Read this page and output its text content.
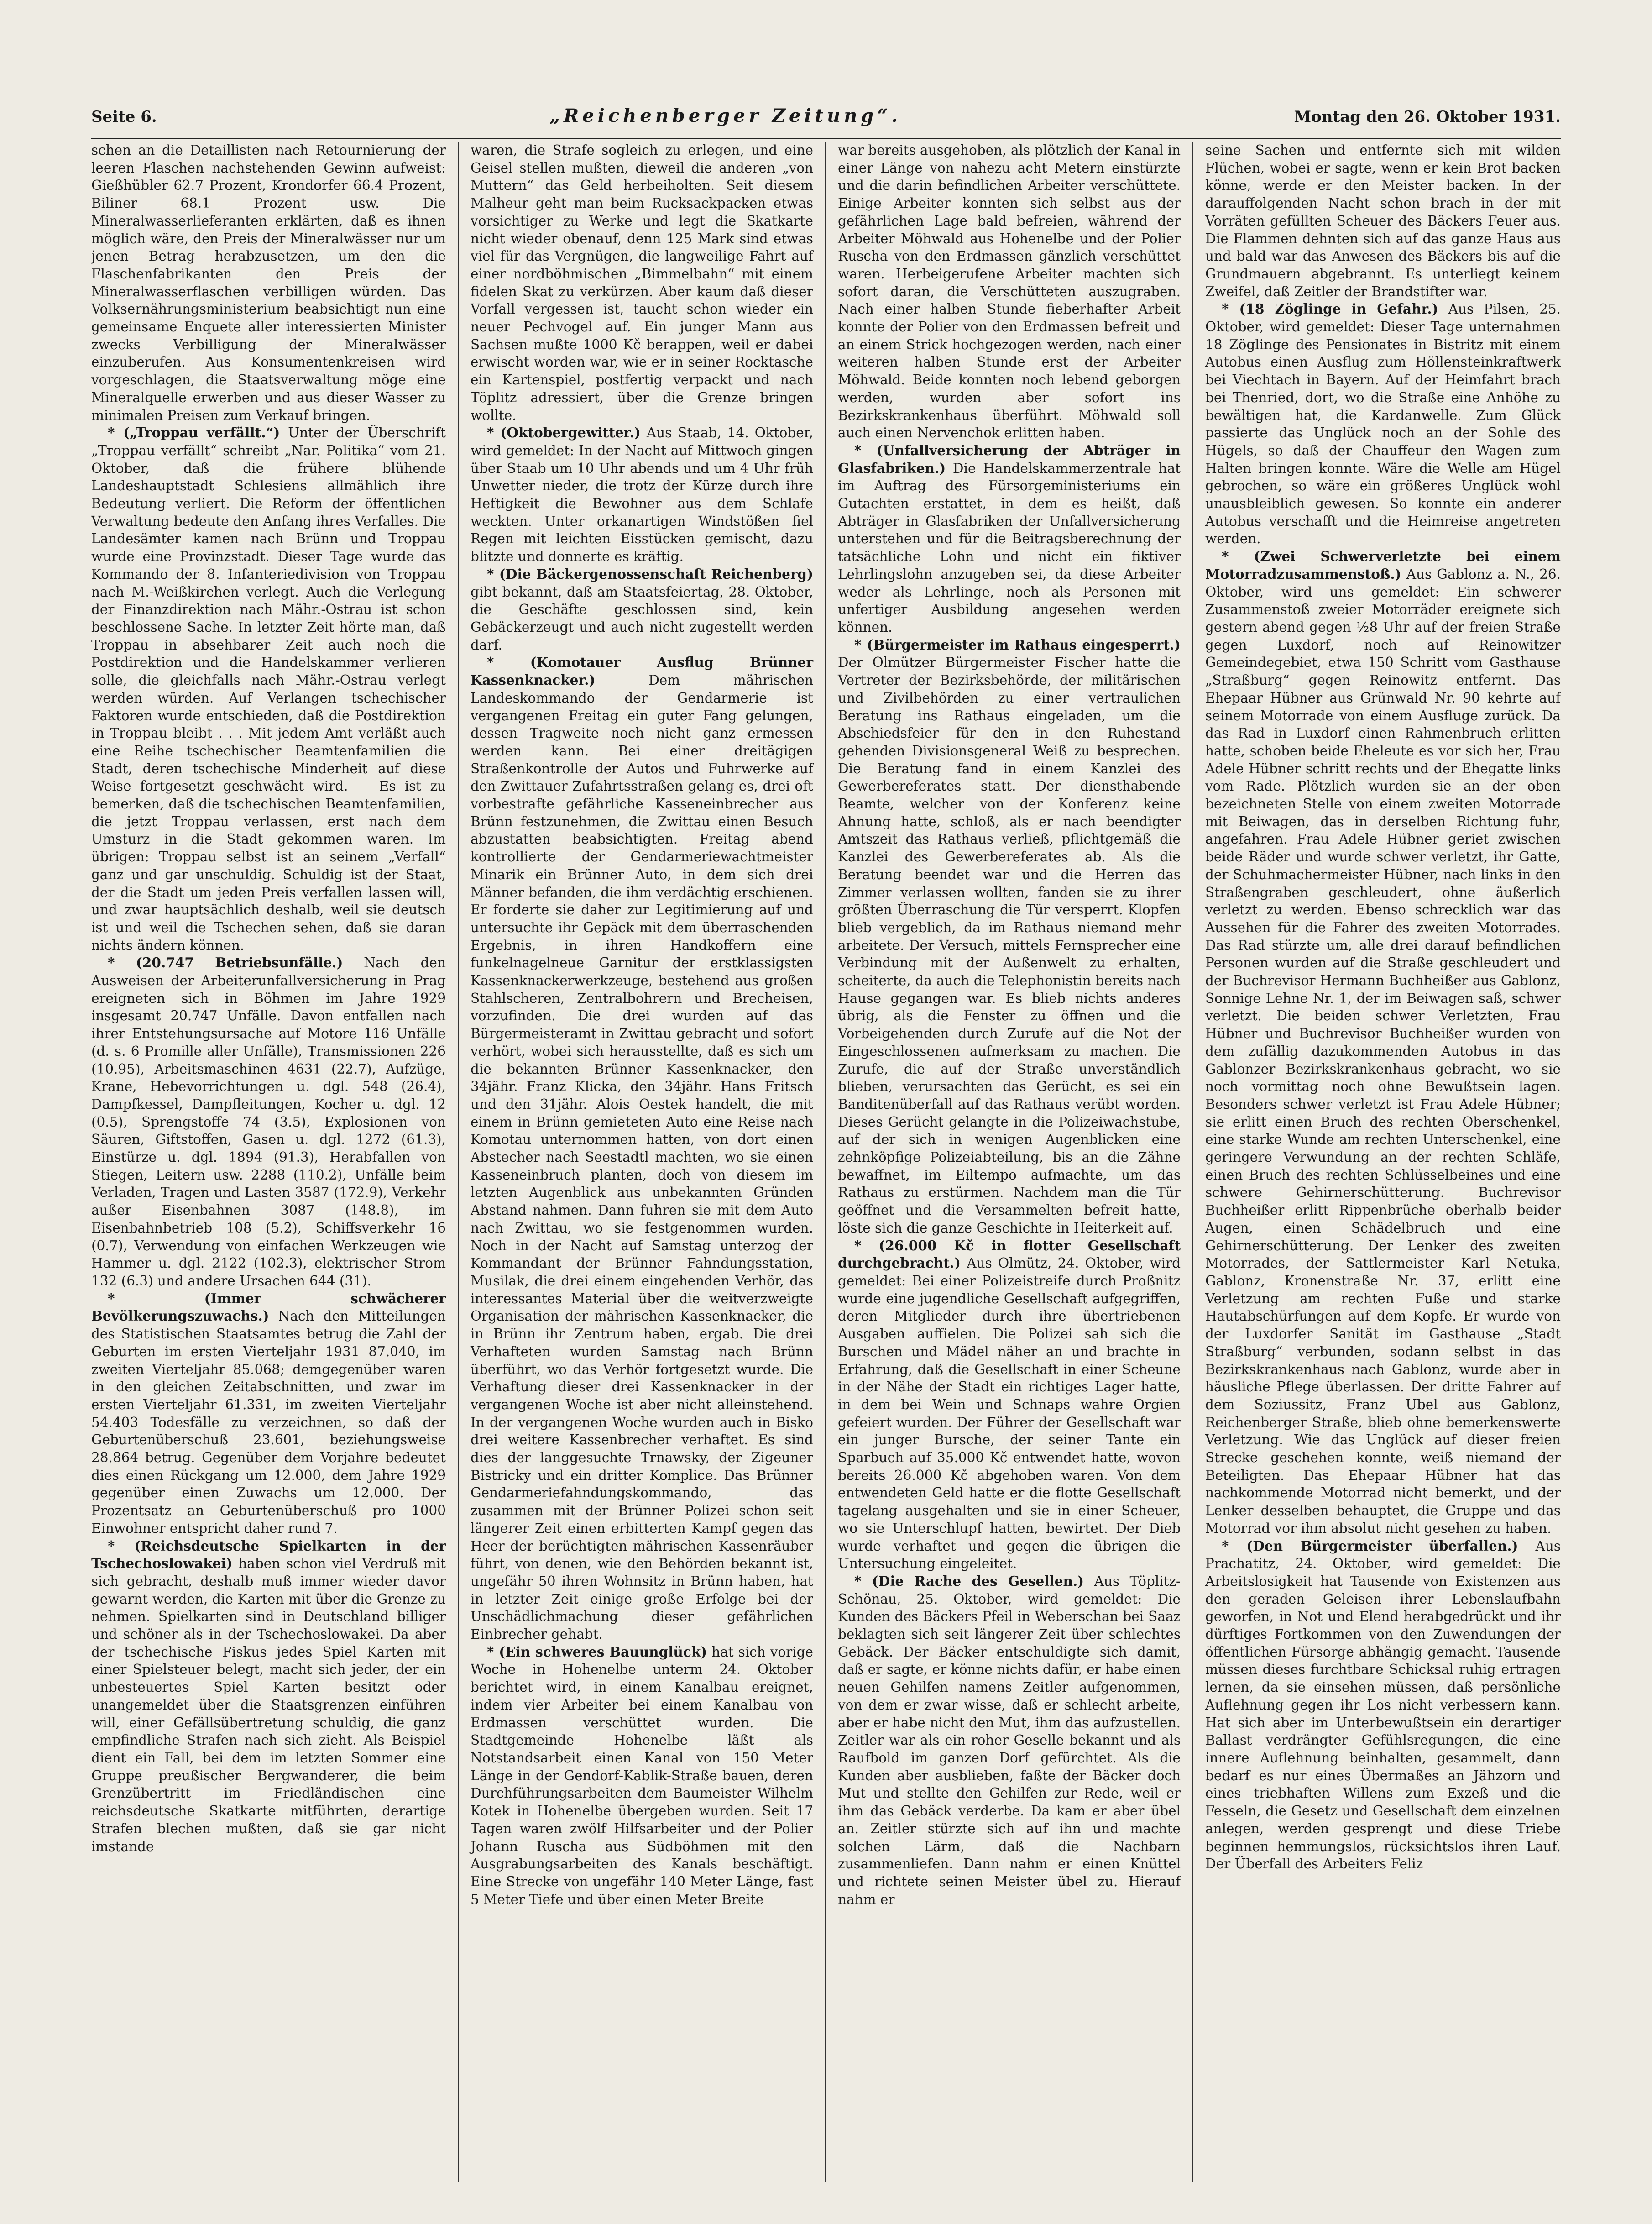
Seite 6.	„Reichenberger Zeitung“.	Montag den 26. Oktober 1931.

schen an die Detaillisten nach Retournierung der leeren Flaschen nachstehenden Gewinn aufweist: Gießhübler 62.7 Prozent, Krondorfer 66.4 Prozent, Biliner 68.1 Prozent usw. Die Mineralwasserlieferanten erklärten, daß es ihnen möglich wäre, den Preis der Mineralwässer nur um jenen Betrag herabzusetzen, um den die Flaschenfabrikanten den Preis der Mineralwasserflaschen verbilligen würden. Das Volksernährungsministerium beabsichtigt nun eine gemeinsame Enquete aller interessierten Minister zwecks Verbilligung der Mineralwässer einzuberufen. Aus Konsumentenkreisen wird vorgeschlagen, die Staatsverwaltung möge eine Mineralquelle erwerben und aus dieser Wasser zu minimalen Preisen zum Verkauf bringen.

* („Troppau verfällt.“) Unter der Überschrift „Troppau verfällt“ schreibt „Nar. Politika“ vom 21. Oktober, daß die frühere blühende Landeshauptstadt Schlesiens allmählich ihre Bedeutung verliert. Die Reform der öffentlichen Verwaltung bedeute den Anfang ihres Verfalles. Die Landesämter kamen nach Brünn und Troppau wurde eine Provinzstadt. Dieser Tage wurde das Kommando der 8. Infanteriedivision von Troppau nach M.-Weißkirchen verlegt. Auch die Verlegung der Finanzdirektion nach Mähr.-Ostrau ist schon beschlossene Sache. In letzter Zeit hörte man, daß Troppau in absehbarer Zeit auch noch die Postdirektion und die Handelskammer verlieren solle, die gleichfalls nach Mähr.-Ostrau verlegt werden würden. Auf Verlangen tschechischer Faktoren wurde entschieden, daß die Postdirektion in Troppau bleibt . . . Mit jedem Amt verläßt auch eine Reihe tschechischer Beamtenfamilien die Stadt, deren tschechische Minderheit auf diese Weise fortgesetzt geschwächt wird. — Es ist zu bemerken, daß die tschechischen Beamtenfamilien, die jetzt Troppau verlassen, erst nach dem Umsturz in die Stadt gekommen waren. Im übrigen: Troppau selbst ist an seinem „Verfall“ ganz und gar unschuldig. Schuldig ist der Staat, der die Stadt um jeden Preis verfallen lassen will, und zwar hauptsächlich deshalb, weil sie deutsch ist und weil die Tschechen sehen, daß sie daran nichts ändern können.

* (20.747 Betriebsunfälle.) Nach den Ausweisen der Arbeiterunfallversicherung in Prag ereigneten sich in Böhmen im Jahre 1929 insgesamt 20.747 Unfälle. Davon entfallen nach ihrer Entstehungsursache auf Motore 116 Unfälle (d. s. 6 Promille aller Unfälle), Transmissionen 226 (10.95), Arbeitsmaschinen 4631 (22.7), Aufzüge, Krane, Hebevorrichtungen u. dgl. 548 (26.4), Dampfkessel, Dampfleitungen, Kocher u. dgl. 12 (0.5), Sprengstoffe 74 (3.5), Explosionen von Säuren, Giftstoffen, Gasen u. dgl. 1272 (61.3), Einstürze u. dgl. 1894 (91.3), Herabfallen von Stiegen, Leitern usw. 2288 (110.2), Unfälle beim Verladen, Tragen und Lasten 3587 (172.9), Verkehr außer Eisenbahnen 3087 (148.8), im Eisenbahnbetrieb 108 (5.2), Schiffsverkehr 16 (0.7), Verwendung von einfachen Werkzeugen wie Hammer u. dgl. 2122 (102.3), elektrischer Strom 132 (6.3) und andere Ursachen 644 (31).

* (Immer schwächerer Bevölkerungszuwachs.) Nach den Mitteilungen des Statistischen Staatsamtes betrug die Zahl der Geburten im ersten Vierteljahr 1931 87.040, im zweiten Vierteljahr 85.068; demgegenüber waren in den gleichen Zeitabschnitten, und zwar im ersten Vierteljahr 61.331, im zweiten Vierteljahr 54.403 Todesfälle zu verzeichnen, so daß der Geburtenüberschuß 23.601, beziehungsweise 28.864 betrug. Gegenüber dem Vorjahre bedeutet dies einen Rückgang um 12.000, dem Jahre 1929 gegenüber einen Zuwachs um 12.000. Der Prozentsatz an Geburtenüberschuß pro 1000 Einwohner entspricht daher rund 7.

* (Reichsdeutsche Spielkarten in der Tschechoslowakei) haben schon viel Verdruß mit sich gebracht, deshalb muß immer wieder davor gewarnt werden, die Karten mit über die Grenze zu nehmen. Spielkarten sind in Deutschland billiger und schöner als in der Tschechoslowakei. Da aber der tschechische Fiskus jedes Spiel Karten mit einer Spielsteuer belegt, macht sich jeder, der ein unbesteuertes Spiel Karten besitzt oder unangemeldet über die Staatsgrenzen einführen will, einer Gefällsübertretung schuldig, die ganz empfindliche Strafen nach sich zieht. Als Beispiel dient ein Fall, bei dem im letzten Sommer eine Gruppe preußischer Bergwanderer, die beim Grenzübertritt im Friedländischen eine reichsdeutsche Skatkarte mitführten, derartige Strafen blechen mußten, daß sie gar nicht imstande

waren, die Strafe sogleich zu erlegen, und eine Geisel stellen mußten, dieweil die anderen „von Muttern“ das Geld herbeiholten. Seit diesem Malheur geht man beim Rucksackpacken etwas vorsichtiger zu Werke und legt die Skatkarte nicht wieder obenauf, denn 125 Mark sind etwas viel für das Vergnügen, die langweilige Fahrt auf einer nordböhmischen „Bimmelbahn“ mit einem fidelen Skat zu verkürzen. Aber kaum daß dieser Vorfall vergessen ist, taucht schon wieder ein neuer Pechvogel auf. Ein junger Mann aus Sachsen mußte 1000 Kč berappen, weil er dabei erwischt worden war, wie er in seiner Rocktasche ein Kartenspiel, postfertig verpackt und nach Töplitz adressiert, über die Grenze bringen wollte.

* (Oktobergewitter.) Aus Staab, 14. Oktober, wird gemeldet: In der Nacht auf Mittwoch gingen über Staab um 10 Uhr abends und um 4 Uhr früh Unwetter nieder, die trotz der Kürze durch ihre Heftigkeit die Bewohner aus dem Schlafe weckten. Unter orkanartigen Windstößen fiel Regen mit leichten Eisstücken gemischt, dazu blitzte und donnerte es kräftig.

* (Die Bäckergenossenschaft Reichenberg) gibt bekannt, daß am Staatsfeiertag, 28. Oktober, die Geschäfte geschlossen sind, kein Gebäckerzeugt und auch nicht zugestellt werden darf.

* (Komotauer Ausflug Brünner Kassenknacker.)	Dem mährischen Landeskommando der Gendarmerie ist vergangenen Freitag ein guter Fang gelungen, dessen Tragweite noch nicht ganz ermessen werden kann. Bei einer dreitägigen Straßenkontrolle der Autos und Fuhrwerke auf den Zwittauer Zufahrtsstraßen gelang es, drei oft vorbestrafte gefährliche Kasseneinbrecher aus Brünn festzunehmen, die Zwittau einen Besuch abzustatten beabsichtigten. Freitag abend kontrollierte der Gendarmeriewachtmeister Minarik ein Brünner Auto, in dem sich drei Männer befanden, die ihm verdächtig erschienen. Er forderte sie daher zur Legitimierung auf und untersuchte ihr Gepäck mit dem überraschenden Ergebnis, in ihren Handkoffern eine funkelnagelneue Garnitur der erstklassigsten Kassenknackerwerkzeuge, bestehend aus großen Stahlscheren, Zentralbohrern und Brecheisen, vorzufinden. Die drei wurden auf das Bürgermeisteramt in Zwittau gebracht und sofort verhört, wobei sich herausstellte, daß es sich um die bekannten Brünner Kassenknacker, den 34jähr. Franz Klicka, den 34jähr. Hans Fritsch und den 31jähr. Alois Oestek handelt, die mit einem in Brünn gemieteten Auto eine Reise nach Komotau unternommen hatten, von dort einen Abstecher nach Seestadtl machten, wo sie einen Kasseneinbruch planten, doch von diesem im letzten Augenblick aus unbekannten Gründen Abstand nahmen. Dann fuhren sie mit dem Auto nach Zwittau, wo sie festgenommen wurden. Noch in der Nacht auf Samstag unterzog der Kommandant der Brünner Fahndungsstation, Musilak, die drei einem eingehenden Verhör, das interessantes Material über die weitverzweigte Organisation der mährischen Kassenknacker, die in Brünn ihr Zentrum haben, ergab. Die drei Verhafteten wurden Samstag nach Brünn überführt, wo das Verhör fortgesetzt wurde. Die Verhaftung dieser drei Kassenknacker in der vergangenen Woche ist aber nicht alleinstehend. In der vergangenen Woche wurden auch in Bisko drei weitere Kassenbrecher verhaftet. Es sind dies der langgesuchte Trnawsky, der Zigeuner Bistricky und ein dritter Komplice. Das Brünner Gendarmeriefahndungskommando, das zusammen mit der Brünner Polizei schon seit längerer Zeit einen erbitterten Kampf gegen das Heer der berüchtigten mährischen Kassenräuber führt, von denen, wie den Behörden bekannt ist, ungefähr 50 ihren Wohnsitz in Brünn haben, hat in letzter Zeit einige große Erfolge bei der Unschädlichmachung dieser gefährlichen Einbrecher gehabt.

* (Ein schweres Bauunglück) hat sich vorige Woche in Hohenelbe unterm 24. Oktober berichtet wird, in einem Kanalbau ereignet, indem vier Arbeiter bei einem Kanalbau von Erdmassen verschüttet wurden. Die Stadtgemeinde Hohenelbe läßt als Notstandsarbeit einen Kanal von 150 Meter Länge in der Gendorf-Kablik-Straße bauen, deren Durchführungsarbeiten dem Baumeister Wilhelm Kotek in Hohenelbe übergeben wurden. Seit 17 Tagen waren zwölf Hilfsarbeiter und der Polier Johann Ruscha aus Südböhmen mit den Ausgrabungsarbeiten des Kanals beschäftigt. Eine Strecke von ungefähr 140 Meter Länge, fast 5 Meter Tiefe und über einen Meter Breite

war bereits ausgehoben, als plötzlich der Kanal in einer Länge von nahezu acht Metern einstürzte und die darin befindlichen Arbeiter verschüttete. Einige Arbeiter konnten sich selbst aus der gefährlichen Lage bald befreien, während der Arbeiter Möhwald aus Hohenelbe und der Polier Ruscha von den Erdmassen gänzlich verschüttet waren. Herbeigerufene Arbeiter machten sich sofort daran, die Verschütteten auszugraben. Nach einer halben Stunde fieberhafter Arbeit konnte der Polier von den Erdmassen befreit und an einem Strick hochgezogen werden, nach einer weiteren halben Stunde erst der Arbeiter Möhwald. Beide konnten noch lebend geborgen werden, wurden aber sofort ins Bezirkskrankenhaus überführt. Möhwald soll auch einen Nervenchok erlitten haben.

* (Unfallversicherung der Abträger in Glasfabriken.) Die Handelskammerzentrale hat im Auftrag des Fürsorgeministeriums ein Gutachten erstattet, in dem es heißt, daß Abträger in Glasfabriken der Unfallversicherung unterstehen und für die Beitragsberechnung der tatsächliche Lohn und nicht ein fiktiver Lehrlingslohn anzugeben sei, da diese Arbeiter weder als Lehrlinge, noch als Personen mit unfertiger Ausbildung angesehen werden können.

* (Bürgermeister im Rathaus eingesperrt.) Der Olmützer Bürgermeister Fischer hatte die Vertreter der Bezirksbehörde, der militärischen und Zivilbehörden zu einer vertraulichen Beratung ins Rathaus eingeladen, um die Abschiedsfeier für den in den Ruhestand gehenden Divisionsgeneral Weiß zu besprechen. Die Beratung fand in einem Kanzlei des Gewerbereferates statt. Der diensthabende Beamte, welcher von der Konferenz keine Ahnung hatte, schloß, als er nach beendigter Amtszeit das Rathaus verließ, pflichtgemäß die Kanzlei des Gewerbereferates ab. Als die Beratung beendet war und die Herren das Zimmer verlassen wollten, fanden sie zu ihrer größten Überraschung die Tür versperrt. Klopfen blieb vergeblich, da im Rathaus niemand mehr arbeitete. Der Versuch, mittels Fernsprecher eine Verbindung mit der Außenwelt zu erhalten, scheiterte, da auch die Telephonistin bereits nach Hause gegangen war. Es blieb nichts anderes übrig, als die Fenster zu öffnen und die Vorbeigehenden durch Zurufe auf die Not der Eingeschlossenen aufmerksam zu machen. Die Zurufe, die auf der Straße unverständlich blieben, verursachten das Gerücht, es sei ein Banditenüberfall auf das Rathaus verübt worden. Dieses Gerücht gelangte in die Polizeiwachstube, auf der sich in wenigen Augenblicken eine zehnköpfige Polizeiabteilung, bis an die Zähne bewaffnet, im Eiltempo aufmachte, um das Rathaus zu erstürmen. Nachdem man die Tür geöffnet und die Versammelten befreit hatte, löste sich die ganze Geschichte in Heiterkeit auf.

* (26.000 Kč in flotter Gesellschaft durchgebracht.) Aus Olmütz, 24. Oktober, wird gemeldet: Bei einer Polizeistreife durch Proßnitz wurde eine jugendliche Gesellschaft aufgegriffen, deren Mitglieder durch ihre übertriebenen Ausgaben auffielen. Die Polizei sah sich die Burschen und Mädel näher an und brachte in Erfahrung, daß die Gesellschaft in einer Scheune in der Nähe der Stadt ein richtiges Lager hatte, in dem bei Wein und Schnaps wahre Orgien gefeiert wurden. Der Führer der Gesellschaft war ein junger Bursche, der seiner Tante ein Sparbuch auf 35.000 Kč entwendet hatte, wovon bereits 26.000 Kč abgehoben waren. Von dem entwendeten Geld hatte er die flotte Gesellschaft tagelang ausgehalten und sie in einer Scheuer, wo sie Unterschlupf hatten, bewirtet. Der Dieb wurde verhaftet und gegen die übrigen die Untersuchung eingeleitet.

* (Die Rache des Gesellen.) Aus Töplitz-Schönau, 25. Oktober, wird gemeldet: Die Kunden des Bäckers Pfeil in Weberschan bei Saaz beklagten sich seit längerer Zeit über schlechtes Gebäck. Der Bäcker entschuldigte sich damit, daß er sagte, er könne nichts dafür, er habe einen neuen Gehilfen namens Zeitler aufgenommen, von dem er zwar wisse, daß er schlecht arbeite, aber er habe nicht den Mut, ihm das aufzustellen. Zeitler war als ein roher Geselle bekannt und als Raufbold im ganzen Dorf gefürchtet. Als die Kunden aber ausblieben, faßte der Bäcker doch Mut und stellte den Gehilfen zur Rede, weil er ihm das Gebäck verderbe. Da kam er aber übel an. Zeitler stürzte sich auf ihn und machte solchen Lärm, daß die Nachbarn zusammenliefen. Dann nahm er einen Knüttel und richtete seinen Meister übel zu. Hierauf nahm er

seine Sachen und entfernte sich mit wilden Flüchen, wobei er sagte, wenn er kein Brot backen könne, werde er den Meister backen. In der darauffolgenden Nacht schon brach in der mit Vorräten gefüllten Scheuer des Bäckers Feuer aus. Die Flammen dehnten sich auf das ganze Haus aus und bald war das Anwesen des Bäckers bis auf die Grundmauern abgebrannt. Es unterliegt keinem Zweifel, daß Zeitler der Brandstifter war.

* (18 Zöglinge in Gefahr.) Aus Pilsen, 25. Oktober, wird gemeldet: Dieser Tage unternahmen 18 Zöglinge des Pensionates in Bistritz mit einem Autobus einen Ausflug zum Höllensteinkraftwerk bei Viechtach in Bayern. Auf der Heimfahrt brach bei Thenried, dort, wo die Straße eine Anhöhe zu bewältigen hat, die Kardanwelle. Zum Glück passierte das Unglück noch an der Sohle des Hügels, so daß der Chauffeur den Wagen zum Halten bringen konnte. Wäre die Welle am Hügel gebrochen, so wäre ein größeres Unglück wohl unausbleiblich gewesen. So konnte ein anderer Autobus verschafft und die Heimreise angetreten werden.

* (Zwei Schwerverletzte bei einem Motorradzusammenstoß.) Aus Gablonz a. N., 26. Oktober, wird uns gemeldet: Ein schwerer Zusammenstoß zweier Motorräder ereignete sich gestern abend gegen ½8 Uhr auf der freien Straße gegen Luxdorf, noch auf Reinowitzer Gemeindegebiet, etwa 150 Schritt vom Gasthause „Straßburg“ gegen Reinowitz entfernt. Das Ehepaar Hübner aus Grünwald Nr. 90 kehrte auf seinem Motorrade von einem Ausfluge zurück. Da das Rad in Luxdorf einen Rahmenbruch erlitten hatte, schoben beide Eheleute es vor sich her, Frau Adele Hübner schritt rechts und der Ehegatte links vom Rade. Plötzlich wurden sie an der oben bezeichneten Stelle von einem zweiten Motorrade mit Beiwagen, das in derselben Richtung fuhr, angefahren. Frau Adele Hübner geriet zwischen beide Räder und wurde schwer verletzt, ihr Gatte, der Schuhmachermeister Hübner, nach links in den Straßengraben geschleudert, ohne äußerlich verletzt zu werden. Ebenso schrecklich war das Aussehen für die Fahrer des zweiten Motorrades. Das Rad stürzte um, alle drei darauf befindlichen Personen wurden auf die Straße geschleudert und der Buchrevisor Hermann Buchheißer aus Gablonz, Sonnige Lehne Nr. 1, der im Beiwagen saß, schwer verletzt. Die beiden schwer Verletzten, Frau Hübner und Buchrevisor Buchheißer wurden von dem zufällig dazukommenden Autobus in das Gablonzer Bezirkskrankenhaus gebracht, wo sie noch vormittag noch ohne Bewußtsein lagen. Besonders schwer verletzt ist Frau Adele Hübner; sie erlitt einen Bruch des rechten Oberschenkel, eine starke Wunde am rechten Unterschenkel, eine geringere Verwundung an der rechten Schläfe, einen Bruch des rechten Schlüsselbeines und eine schwere Gehirnerschütterung. Buchrevisor Buchheißer erlitt Rippenbrüche oberhalb beider Augen, einen Schädelbruch und eine Gehirnerschütterung. Der Lenker des zweiten Motorrades, der Sattlermeister Karl Netuka, Gablonz, Kronenstraße Nr. 37, erlitt eine Verletzung am rechten Fuße und starke Hautabschürfungen auf dem Kopfe. Er wurde von der Luxdorfer Sanität im Gasthause „Stadt Straßburg“ verbunden, sodann selbst in das Bezirkskrankenhaus nach Gablonz, wurde aber in häusliche Pflege überlassen. Der dritte Fahrer auf dem Soziussitz, Franz Ubel aus Gablonz, Reichenberger Straße, blieb ohne bemerkenswerte Verletzung. Wie das Unglück auf dieser freien Strecke geschehen konnte, weiß niemand der Beteiligten. Das Ehepaar Hübner hat das nachkommende Motorrad nicht bemerkt, und der Lenker desselben behauptet, die Gruppe und das Motorrad vor ihm absolut nicht gesehen zu haben.

* (Den Bürgermeister überfallen.) Aus Prachatitz, 24. Oktober, wird gemeldet: Die Arbeitslosigkeit hat Tausende von Existenzen aus den geraden Geleisen ihrer Lebenslaufbahn geworfen, in Not und Elend herabgedrückt und ihr dürftiges Fortkommen von den Zuwendungen der öffentlichen Fürsorge abhängig gemacht. Tausende müssen dieses furchtbare Schicksal ruhig ertragen lernen, da sie einsehen müssen, daß persönliche Auflehnung gegen ihr Los nicht verbessern kann. Hat sich aber im Unterbewußtsein ein derartiger Ballast verdrängter Gefühlsregungen, die eine innere Auflehnung beinhalten, gesammelt, dann bedarf es nur eines Übermaßes an Jähzorn und eines triebhaften Willens zum Exzeß und die Fesseln, die Gesetz und Gesellschaft dem einzelnen anlegen, werden gesprengt und diese Triebe beginnen hemmungslos, rücksichtslos ihren Lauf. Der Überfall des Arbeiters Feliz
